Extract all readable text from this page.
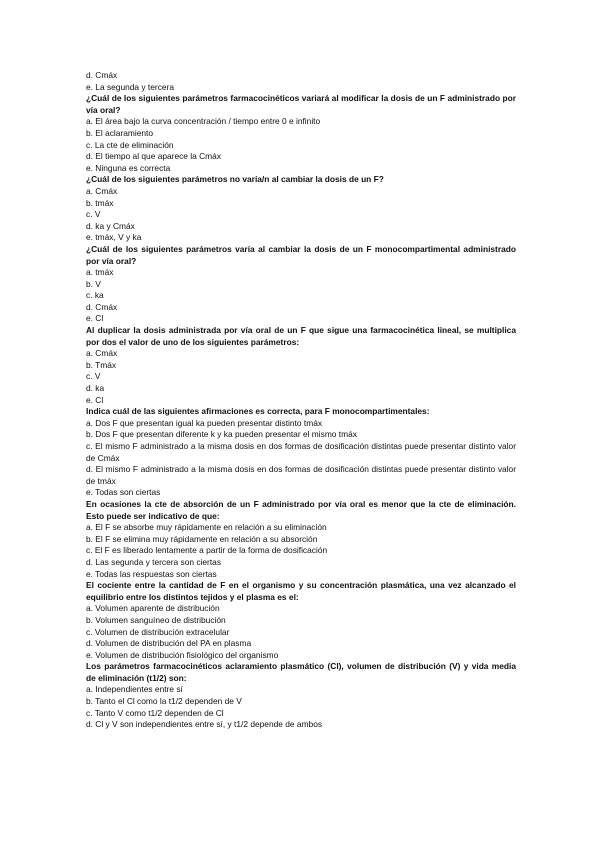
d. Cmáx
e. La segunda y tercera
¿Cuál de los siguientes parámetros farmacocinéticos variará al modificar la dosis de un F administrado por vía oral?
a. El área bajo la curva concentración / tiempo entre 0 e infinito
b. El aclaramiento
c. La cte de eliminación
d. El tiempo al que aparece la Cmáx
e. Ninguna es correcta
¿Cuál de los siguientes parámetros no varía/n al cambiar la dosis de un F?
a. Cmáx
b. tmáx
c. V
d. ka y Cmáx
e. tmáx, V y ka
¿Cuál de los siguientes parámetros varía al cambiar la dosis de un F monocompartimental administrado por vía oral?
a. tmáx
b. V
c. ka
d. Cmáx
e. Cl
Al duplicar la dosis administrada por vía oral de un F que sigue una farmacocinética lineal, se multiplica por dos el valor de uno de los siguientes parámetros:
a. Cmáx
b. Tmáx
c. V
d. ka
e. Cl
Indica cuál de las siguientes afirmaciones es correcta, para F monocompartimentales:
a. Dos F que presentan igual ka pueden presentar distinto tmáx
b. Dos F que presentan diferente k y ka pueden presentar el mismo tmáx
c. El mismo F administrado a la misma dosis en dos formas de dosificación distintas puede presentar distinto valor de Cmáx
d. El mismo F administrado a la misma dosis en dos formas de dosificación distintas puede presentar distinto valor de tmáx
e. Todas son ciertas
En ocasiones la cte de absorción de un F administrado por vía oral es menor que la cte de eliminación. Esto puede ser indicativo de que:
a. El F se absorbe muy rápidamente en relación a su eliminación
b. El F se elimina muy rápidamente en relación a su absorción
c. El F es liberado lentamente a partir de la forma de dosificación
d. Las segunda y tercera son ciertas
e. Todas las respuestas son ciertas
El cociente entre la cantidad de F en el organismo y su concentración plasmática, una vez alcanzado el equilibrio entre los distintos tejidos y el plasma es el:
a. Volumen aparente de distribución
b. Volumen sanguíneo de distribución
c. Volumen de distribución extracelular
d. Volumen de distribución del PA en plasma
e. Volumen de distribución fisiológico del organismo
Los parámetros farmacocinéticos aclaramiento plasmático (Cl), volumen de distribución (V) y vida media de eliminación (t1/2) son:
a. Independientes entre sí
b. Tanto el Cl como la t1/2 dependen de V
c. Tanto V como t1/2 dependen de Cl
d. Cl y V son independientes entre sí, y t1/2 depende de ambos
